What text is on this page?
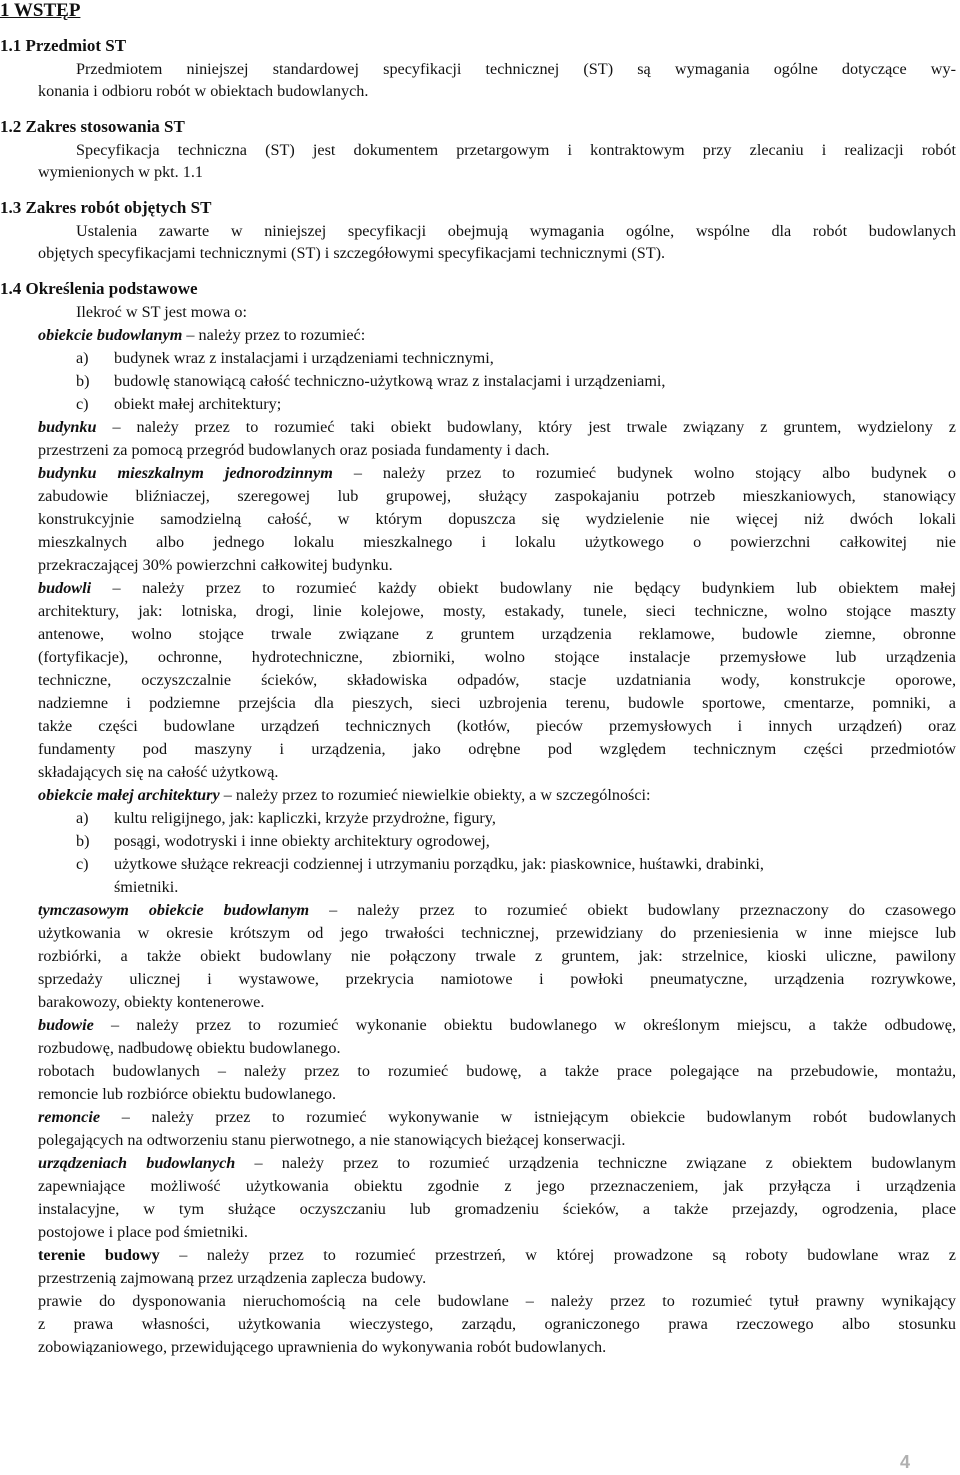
1 WSTĘP
1.1 Przedmiot ST
Przedmiotem niniejszej standardowej specyfikacji technicznej (ST) są wymagania ogólne dotyczące wy-
konania i odbioru robót w obiektach budowlanych.
1.2 Zakres stosowania ST
Specyfikacja techniczna (ST) jest dokumentem przetargowym i kontraktowym przy zlecaniu i realizacji robót
wymienionych w pkt. 1.1
1.3 Zakres robót objętych ST
Ustalenia zawarte w niniejszej specyfikacji obejmują wymagania ogólne, wspólne dla robót budowlanych
objętych specyfikacjami technicznymi (ST) i szczegółowymi specyfikacjami technicznymi (ST).
1.4 Określenia podstawowe
Ilekroć w ST jest mowa o:
obiekcie budowlanym – należy przez to rozumieć:
a) budynek wraz z instalacjami i urządzeniami technicznymi,
b) budowlę stanowiącą całość techniczno-użytkową wraz z instalacjami i urządzeniami,
c) obiekt małej architektury;
budynku – należy przez to rozumieć taki obiekt budowlany, który jest trwale związany z gruntem, wydzielony z
przestrzeni za pomocą przegród budowlanych oraz posiada fundamenty i dach.
budynku mieszkalnym jednorodzinnym – należy przez to rozumieć budynek wolno stojący albo budynek o
zabudowie bliźniaczej, szeregowej lub grupowej, służący zaspokajaniu potrzeb mieszkaniowych, stanowiący
konstrukcyjnie samodzielną całość, w którym dopuszcza się wydzielenie nie więcej niż dwóch lokali
mieszkalnych albo jednego lokalu mieszkalnego i lokalu użytkowego o powierzchni całkowitej nie
przekraczającej 30% powierzchni całkowitej budynku.
budowli – należy przez to rozumieć każdy obiekt budowlany nie będący budynkiem lub obiektem małej
architektury, jak: lotniska, drogi, linie kolejowe, mosty, estakady, tunele, sieci techniczne, wolno stojące maszty
antenowe, wolno stojące trwale związane z gruntem urządzenia reklamowe, budowle ziemne, obronne
(fortyfikacje), ochronne, hydrotechniczne, zbiorniki, wolno stojące instalacje przemysłowe lub urządzenia
techniczne, oczyszczalnie ścieków, składowiska odpadów, stacje uzdatniania wody, konstrukcje oporowe,
nadziemne i podziemne przejścia dla pieszych, sieci uzbrojenia terenu, budowle sportowe, cmentarze, pomniki, a
także części budowlane urządzeń technicznych (kotłów, pieców przemysłowych i innych urządzeń) oraz
fundamenty pod maszyny i urządzenia, jako odrębne pod względem technicznym części przedmiotów
składających się na całość użytkową.
obiekcie małej architektury – należy przez to rozumieć niewielkie obiekty, a w szczególności:
a) kultu religijnego, jak: kapliczki, krzyże przydrożne, figury,
b) posągi, wodotryski i inne obiekty architektury ogrodowej,
c) użytkowe służące rekreacji codziennej i utrzymaniu porządku, jak: piaskownice, huśtawki, drabinki,
śmietniki.
tymczasowym obiekcie budowlanym – należy przez to rozumieć obiekt budowlany przeznaczony do czasowego
użytkowania w okresie krótszym od jego trwałości technicznej, przewidziany do przeniesienia w inne miejsce lub
rozbiórki, a także obiekt budowlany nie połączony trwale z gruntem, jak: strzelnice, kioski uliczne, pawilony
sprzedaży ulicznej i wystawowe, przekrycia namiotowe i powłoki pneumatyczne, urządzenia rozrywkowe,
barakowozy, obiekty kontenerowe.
budowie – należy przez to rozumieć wykonanie obiektu budowlanego w określonym miejscu, a także odbudowę,
rozbudowę, nadbudowę obiektu budowlanego.
robotach budowlanych – należy przez to rozumieć budowę, a także prace polegające na przebudowie, montażu,
remoncie lub rozbiórce obiektu budowlanego.
remoncie – należy przez to rozumieć wykonywanie w istniejącym obiekcie budowlanym robót budowlanych
polegających na odtworzeniu stanu pierwotnego, a nie stanowiących bieżącej konserwacji.
urządzeniach budowlanych – należy przez to rozumieć urządzenia techniczne związane z obiektem budowlanym
zapewniające możliwość użytkowania obiektu zgodnie z jego przeznaczeniem, jak przyłącza i urządzenia
instalacyjne, w tym służące oczyszczaniu lub gromadzeniu ścieków, a także przejazdy, ogrodzenia, place
postojowe i place pod śmietniki.
terenie budowy – należy przez to rozumieć przestrzeń, w której prowadzone są roboty budowlane wraz z
przestrzenią zajmowaną przez urządzenia zaplecza budowy.
prawie do dysponowania nieruchomością na cele budowlane – należy przez to rozumieć tytuł prawny wynikający
z prawa własności, użytkowania wieczystego, zarządu, ograniczonego prawa rzeczowego albo stosunku
zobowiązaniowego, przewidującego uprawnienia do wykonywania robót budowlanych.
4
